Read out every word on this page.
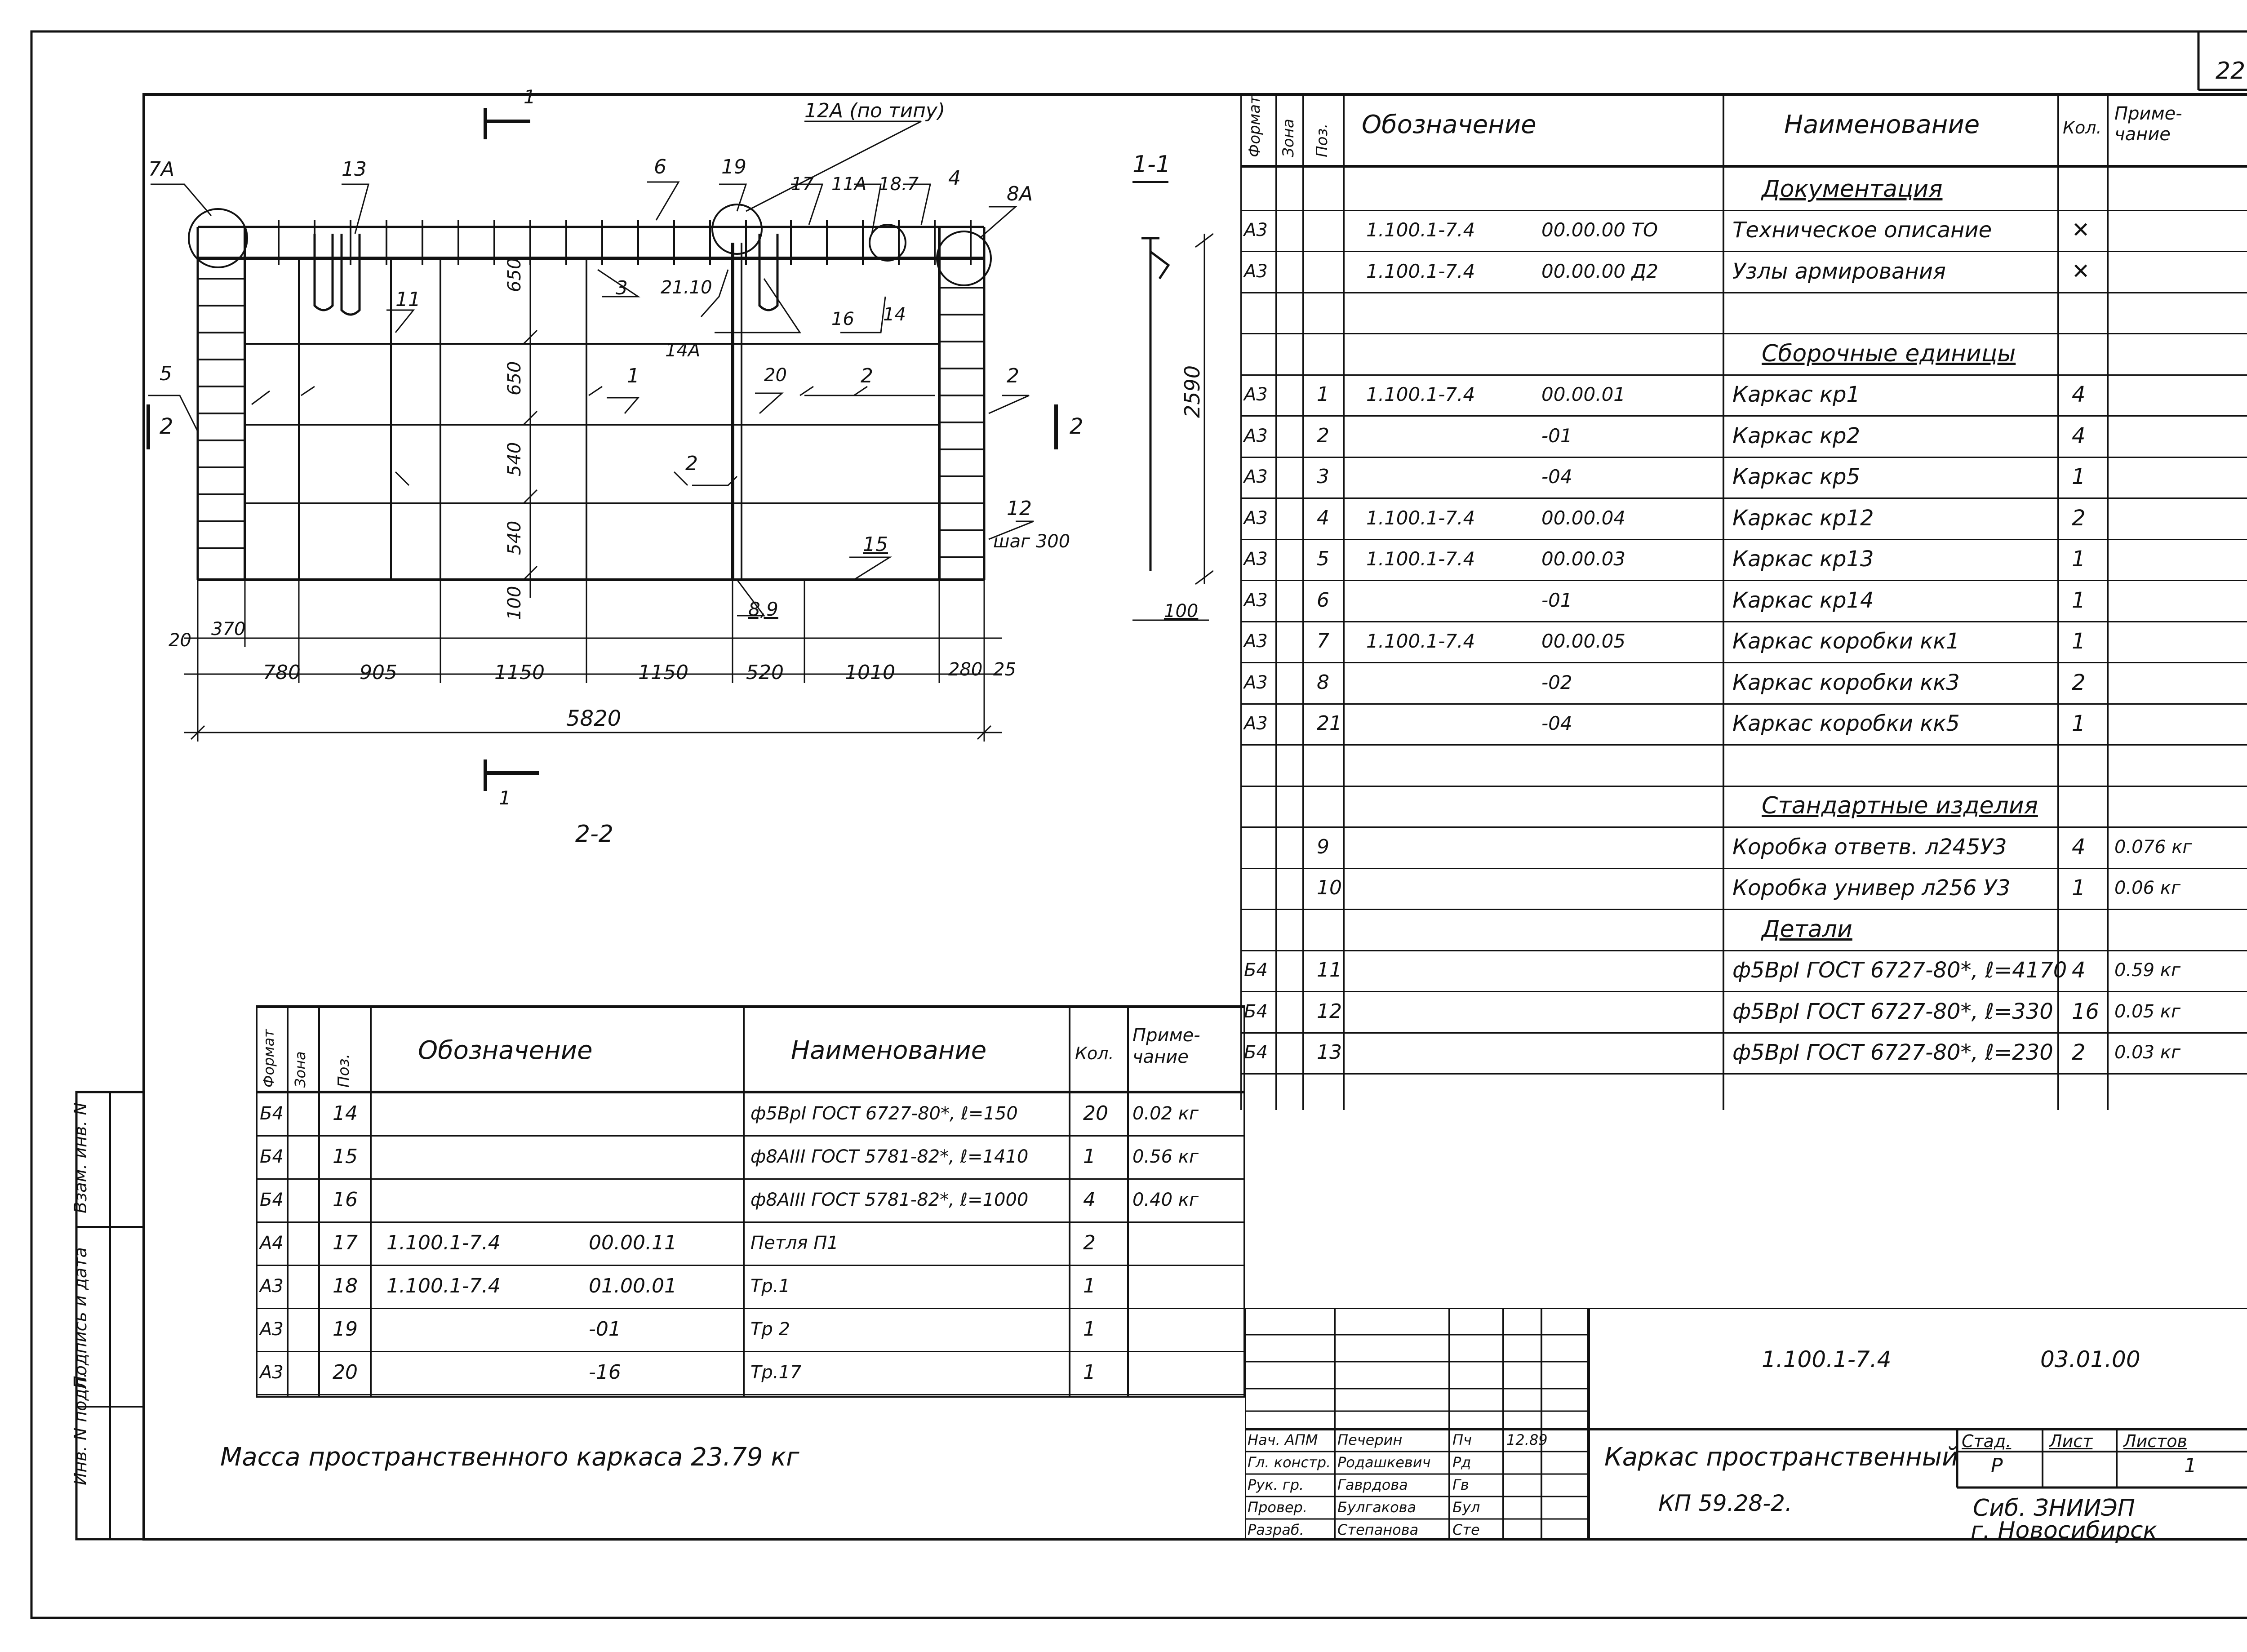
22
Инв. N подл.
Подпись и дата
Взам. инв. N
1
1
1-1
2	2
2-2
7А	13	6	19
12А (по типу)
17 11А 18.7 4
8А
3 21.10
14А
16 14
11
5	1	20	2	2
2
12
шаг 300
15
8,9
650
650
540
540
100
20
370
780	905	1150	1150	520	1010	280 25
5820
2590
100
Формат Зона Поз. Обозначение	Наименование	Кол.
Приме-чание
Документация
А3	1.100.1-7.4	00.00.00 ТО	Техническое описание	✕
А3	1.100.1-7.4	00.00.00 Д2	Узлы армирования	✕
Сборочные единицы
А3 1 1.100.1-7.4	00.00.01	Каркас кр1	4
А3 2	-01	Каркас кр2	4
А3 3	-04	Каркас кр5	1
А3 4 1.100.1-7.4	00.00.04	Каркас кр12	2
А3 5 1.100.1-7.4	00.00.03	Каркас кр13	1
А3 6	-01	Каркас кр14	1
А3 7 1.100.1-7.4	00.00.05	Каркас коробки кк1	1
А3 8	-02	Каркас коробки кк3	2
А3 21	-04	Каркас коробки кк5	1
Стандартные изделия
9	Коробка ответв. л245У3	4 0.076 кг
10	Коробка универ л256 У3	1 0.06 кг
Детали
Б4 11	ф5ВрI ГОСТ 6727-80*, ℓ=4170 4 0.59 кг
Б4 12	ф5ВрI ГОСТ 6727-80*, ℓ=330 16 0.05 кг
Б4 13	ф5ВрI ГОСТ 6727-80*, ℓ=230 2 0.03 кг
Формат Зона Поз.
Обозначение	Наименование	Кол.
Приме-чание
Б4 14	ф5ВрI ГОСТ 6727-80*, ℓ=150	20 0.02 кг
Б4 15	ф8АIII ГОСТ 5781-82*, ℓ=1410	1 0.56 кг
Б4 16	ф8АIII ГОСТ 5781-82*, ℓ=1000	4 0.40 кг
А4 17 1.100.1-7.4	00.00.11	Петля П1	2
А3 18 1.100.1-7.4	01.00.01	Тр.1	1
А3 19	-01	Тр 2	1
А3 20	-16	Тр.17	1
Масса пространственного каркаса 23.79 кг
1.100.1-7.4	03.01.00
Каркас пространственный
КП 59.28-2.
Стад. Лист Листов
Р	1
Сиб. ЗНИИЭП
г. Новосибирск
Нач. АПМ Печерин	Пч 12.89
Гл. констр. Родашкевич Рд
Рук. гр. Гаврдова	Гв
Провер. Булгакова	Бул
Разраб. Степанова Сте
